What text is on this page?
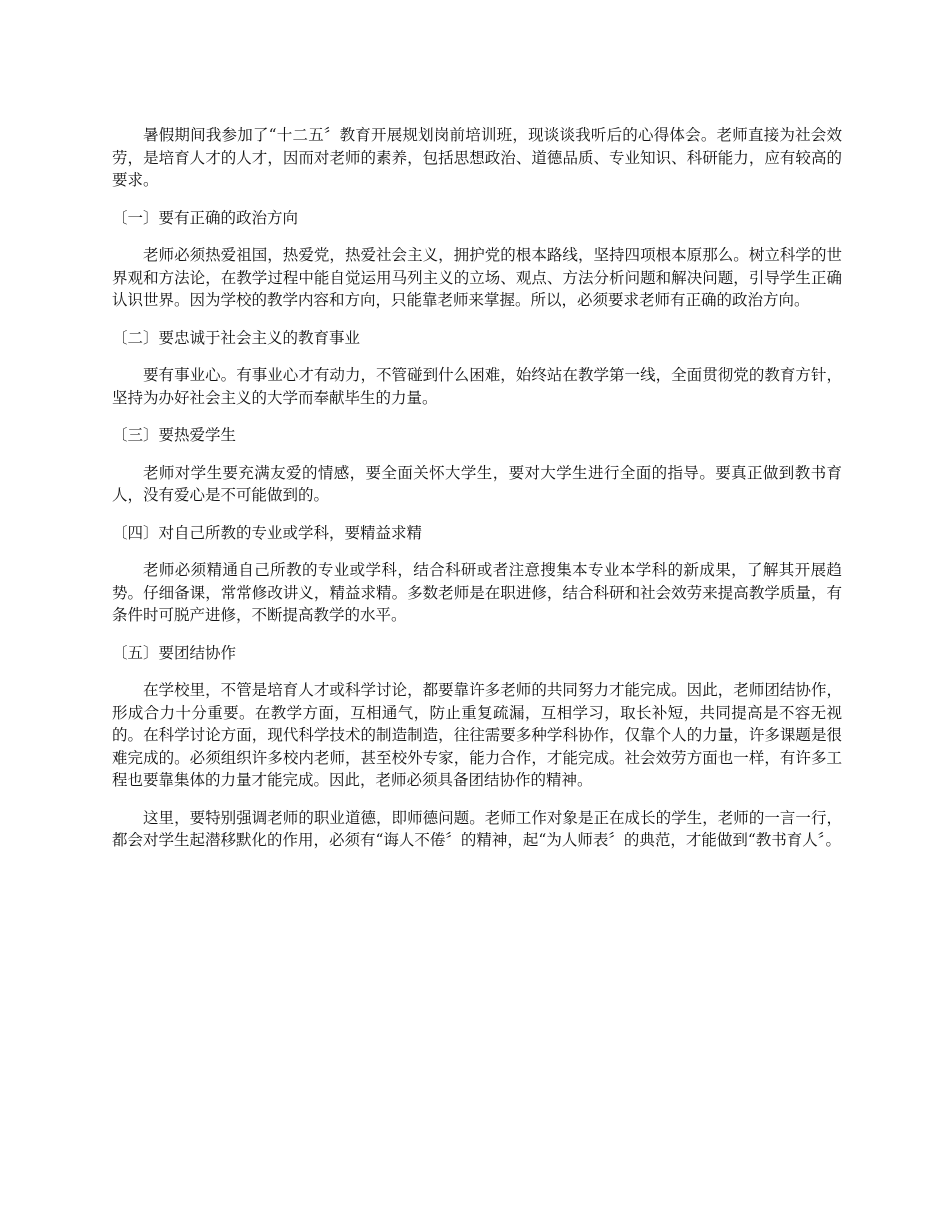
暑假期间我参加了“十二五〞教育开展规划岗前培训班，现谈谈我听后的心得体会。老师直接为社会效劳，是培育人才的人才，因而对老师的素养，包括思想政治、道德品质、专业知识、科研能力，应有较高的要求。

〔一〕要有正确的政治方向

老师必须热爱祖国，热爱党，热爱社会主义，拥护党的根本路线，坚持四项根本原那么。树立科学的世界观和方法论，在教学过程中能自觉运用马列主义的立场、观点、方法分析问题和解决问题，引导学生正确认识世界。因为学校的教学内容和方向，只能靠老师来掌握。所以，必须要求老师有正确的政治方向。

〔二〕要忠诚于社会主义的教育事业

要有事业心。有事业心才有动力，不管碰到什么困难，始终站在教学第一线，全面贯彻党的教育方针，坚持为办好社会主义的大学而奉献毕生的力量。

〔三〕要热爱学生

老师对学生要充满友爱的情感，要全面关怀大学生，要对大学生进行全面的指导。要真正做到教书育人，没有爱心是不可能做到的。

〔四〕对自己所教的专业或学科，要精益求精

老师必须精通自己所教的专业或学科，结合科研或者注意搜集本专业本学科的新成果，了解其开展趋势。仔细备课，常常修改讲义，精益求精。多数老师是在职进修，结合科研和社会效劳来提高教学质量，有条件时可脱产进修，不断提高教学的水平。

〔五〕要团结协作

在学校里，不管是培育人才或科学讨论，都要靠许多老师的共同努力才能完成。因此，老师团结协作，形成合力十分重要。在教学方面，互相通气，防止重复疏漏，互相学习，取长补短，共同提高是不容无视的。在科学讨论方面，现代科学技术的制造制造，往往需要多种学科协作，仅靠个人的力量，许多课题是很难完成的。必须组织许多校内老师，甚至校外专家，能力合作，才能完成。社会效劳方面也一样，有许多工程也要靠集体的力量才能完成。因此，老师必须具备团结协作的精神。

这里，要特别强调老师的职业道德，即师德问题。老师工作对象是正在成长的学生，老师的一言一行，都会对学生起潜移默化的作用，必须有“诲人不倦〞的精神，起“为人师表〞的典范，才能做到“教书育人〞。
